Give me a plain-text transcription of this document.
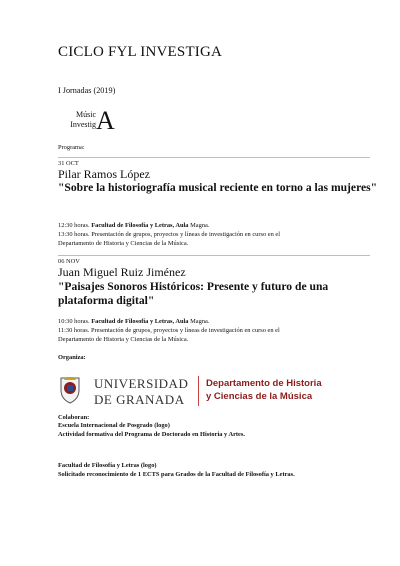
CICLO FYL INVESTIGA
I Jornadas (2019)
Músic
Investig A
Programa:
31 OCT
Pilar Ramos López
"Sobre la historiografía musical reciente en torno a las mujeres"
12:30 horas. Facultad de Filosofía y Letras, Aula Magna.
13:30 horas. Presentación de grupos, proyectos y líneas de investigación en curso en el
Departamento de Historia y Ciencias de la Música.
06 NOV
Juan Miguel Ruiz Jiménez
"Paisajes Sonoros Históricos: Presente y futuro de una plataforma digital"
10:30 horas. Facultad de Filosofía y Letras, Aula Magna.
11:30 horas. Presentación de grupos, proyectos y líneas de investigación en curso en el
Departamento de Historia y Ciencias de la Música.
Organiza:
UNIVERSIDAD
DE GRANADA
Departamento de Historia
y Ciencias de la Música
Colaboran:
Escuela Internacional de Posgrado (logo)
Actividad formativa del Programa de Doctorado en Historia y Artes.
Facultad de Filosofía y Letras (logo)
Solicitado reconocimiento de 1 ECTS para Grados de la Facultad de Filosofía y Letras.
